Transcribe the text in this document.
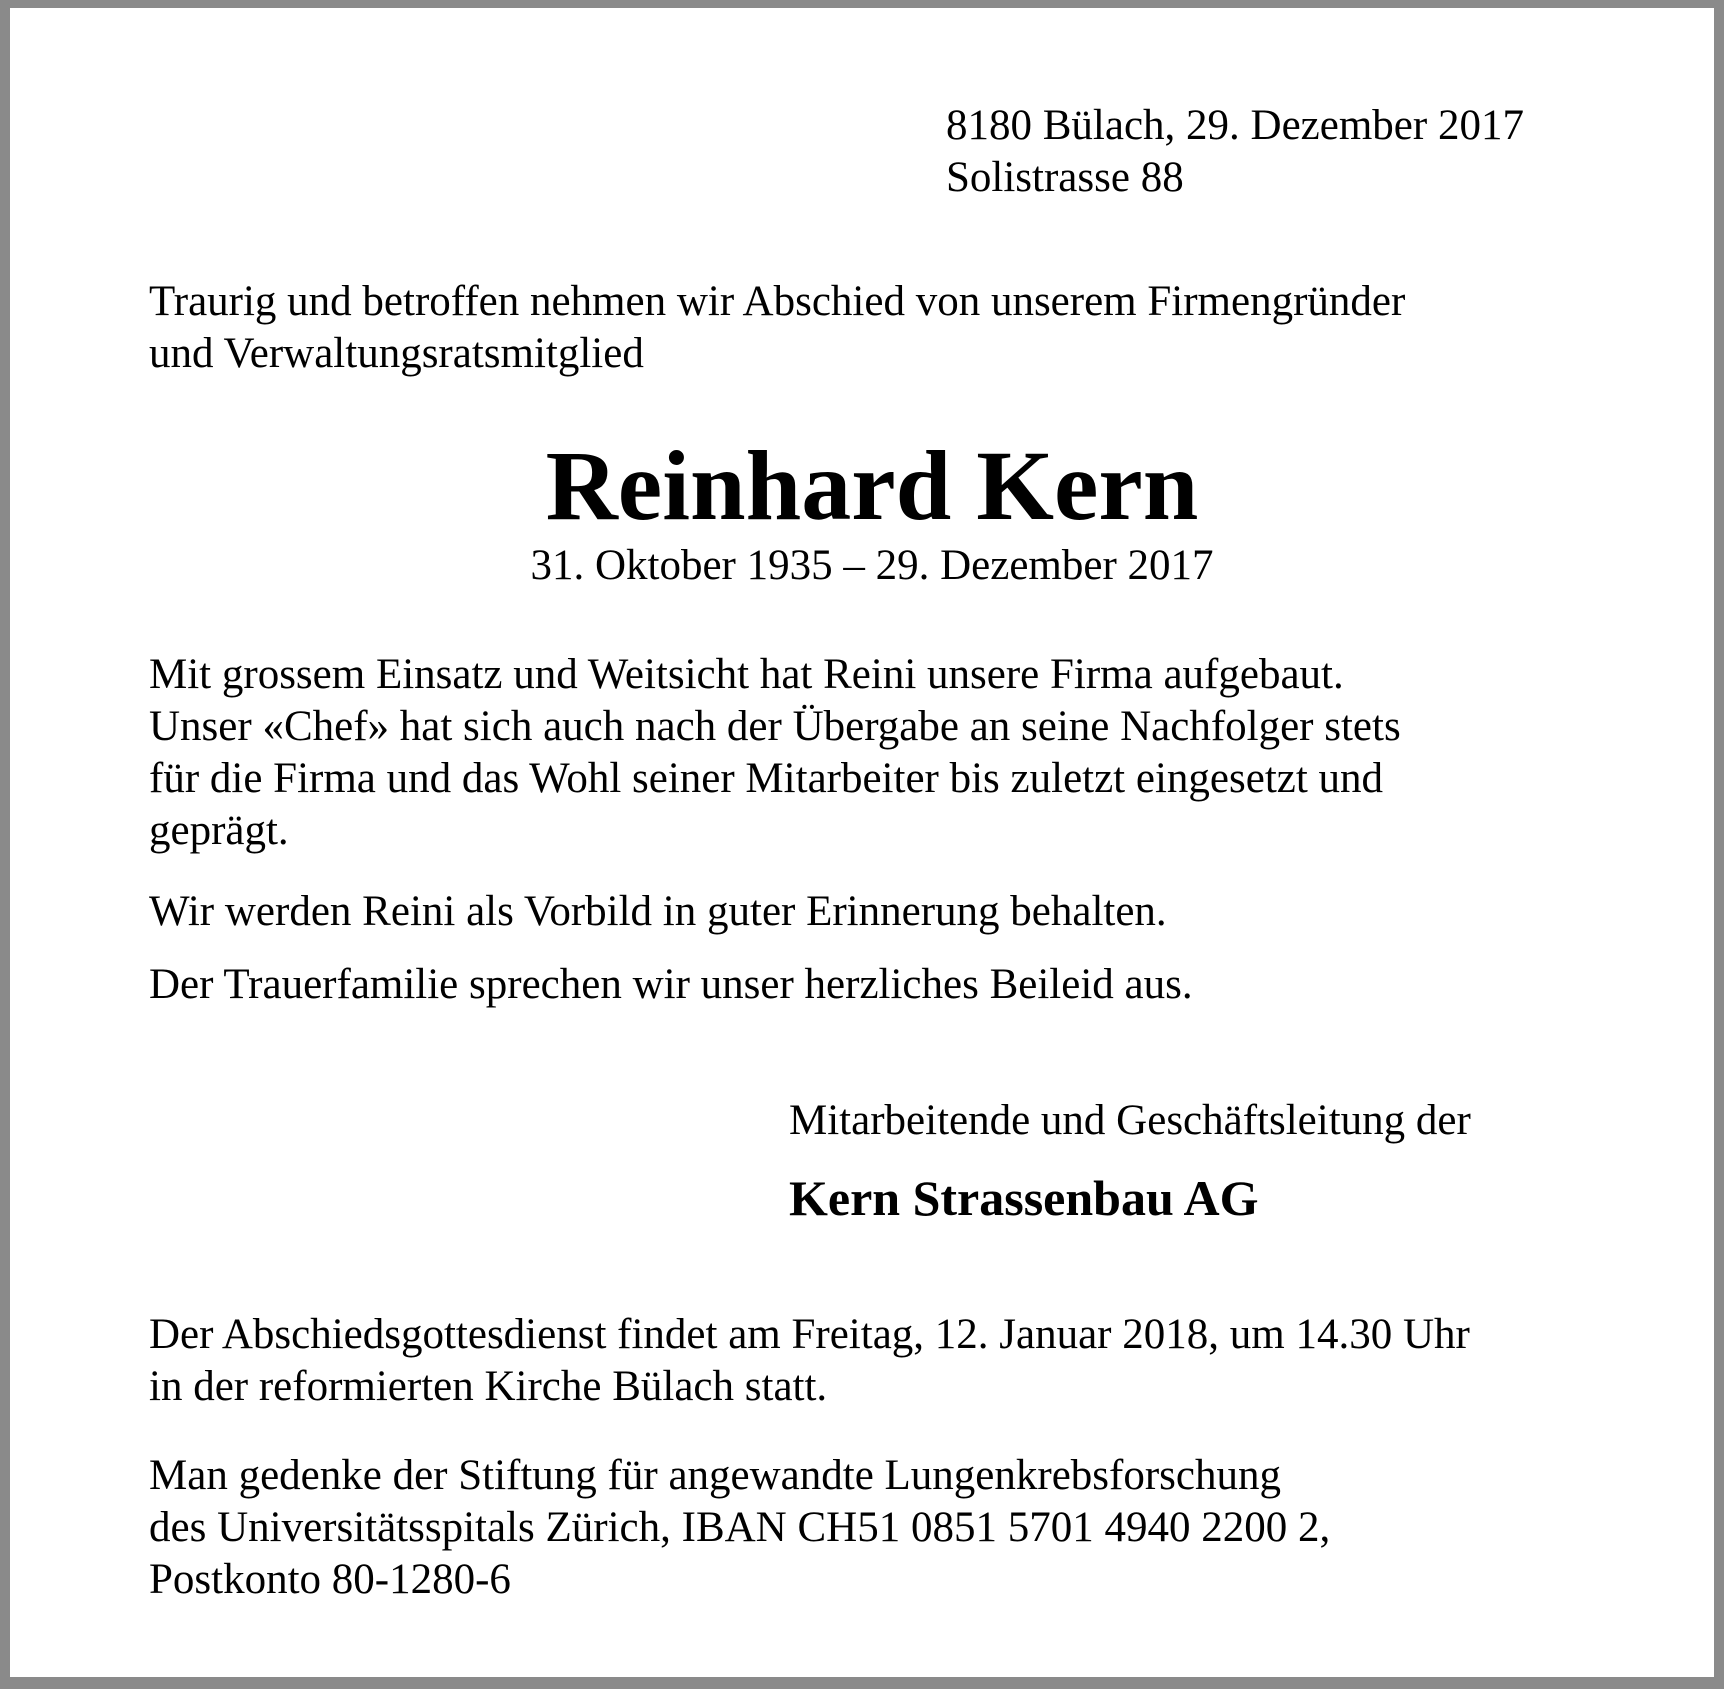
8180 Bülach, 29. Dezember 2017
Solistrasse 88
Traurig und betroffen nehmen wir Abschied von unserem Firmengründer
und Verwaltungsratsmitglied
Reinhard Kern
31. Oktober 1935 – 29. Dezember 2017
Mit grossem Einsatz und Weitsicht hat Reini unsere Firma aufgebaut.
Unser «Chef» hat sich auch nach der Übergabe an seine Nachfolger stets
für die Firma und das Wohl seiner Mitarbeiter bis zuletzt eingesetzt und
geprägt.
Wir werden Reini als Vorbild in guter Erinnerung behalten.
Der Trauerfamilie sprechen wir unser herzliches Beileid aus.
Mitarbeitende und Geschäftsleitung der
Kern Strassenbau AG
Der Abschiedsgottesdienst findet am Freitag, 12. Januar 2018, um 14.30 Uhr
in der reformierten Kirche Bülach statt.
Man gedenke der Stiftung für angewandte Lungenkrebsforschung
des Universitätsspitals Zürich, IBAN CH51 0851 5701 4940 2200 2,
Postkonto 80-1280-6
